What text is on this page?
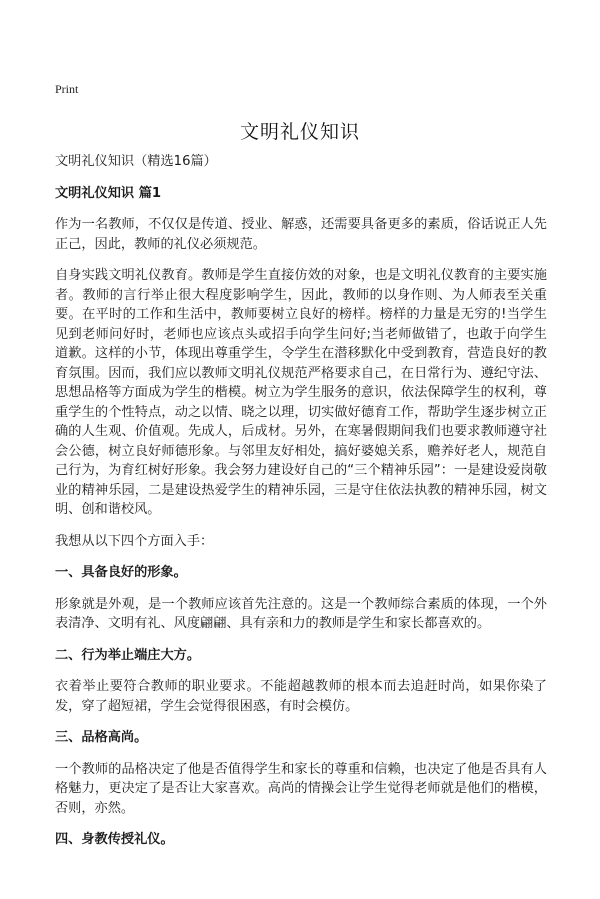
Print
文明礼仪知识
文明礼仪知识（精选16篇）
文明礼仪知识 篇1

作为一名教师，不仅仅是传道、授业、解惑，还需要具备更多的素质，俗话说正人先正己，因此，教师的礼仪必须规范。

自身实践文明礼仪教育。教师是学生直接仿效的对象，也是文明礼仪教育的主要实施者。教师的言行举止很大程度影响学生，因此，教师的以身作则、为人师表至关重要。在平时的工作和生活中，教师要树立良好的榜样。榜样的力量是无穷的!当学生见到老师问好时，老师也应该点头或招手向学生问好;当老师做错了，也敢于向学生道歉。这样的小节，体现出尊重学生，令学生在潜移默化中受到教育，营造良好的教育氛围。因而，我们应以教师文明礼仪规范严格要求自己，在日常行为、遵纪守法、思想品格等方面成为学生的楷模。树立为学生服务的意识，依法保障学生的权利，尊重学生的个性特点，动之以情、晓之以理，切实做好德育工作，帮助学生逐步树立正确的人生观、价值观。先成人，后成材。另外，在寒暑假期间我们也要求教师遵守社会公德，树立良好师德形象。与邻里友好相处，搞好婆媳关系，赡养好老人，规范自己行为，为育红树好形象。我会努力建设好自己的“三个精神乐园”：一是建设爱岗敬业的精神乐园，二是建设热爱学生的精神乐园，三是守住依法执教的精神乐园，树文明、创和谐校风。

我想从以下四个方面入手：

一、具备良好的形象。

形象就是外观，是一个教师应该首先注意的。这是一个教师综合素质的体现，一个外表清净、文明有礼、风度翩翩、具有亲和力的教师是学生和家长都喜欢的。

二、行为举止端庄大方。

衣着举止要符合教师的职业要求。不能超越教师的根本而去追赶时尚，如果你染了发，穿了超短裙，学生会觉得很困惑，有时会模仿。

三、品格高尚。

一个教师的品格决定了他是否值得学生和家长的尊重和信赖，也决定了他是否具有人格魅力，更决定了是否让大家喜欢。高尚的情操会让学生觉得老师就是他们的楷模，否则，亦然。

四、身教传授礼仪。
